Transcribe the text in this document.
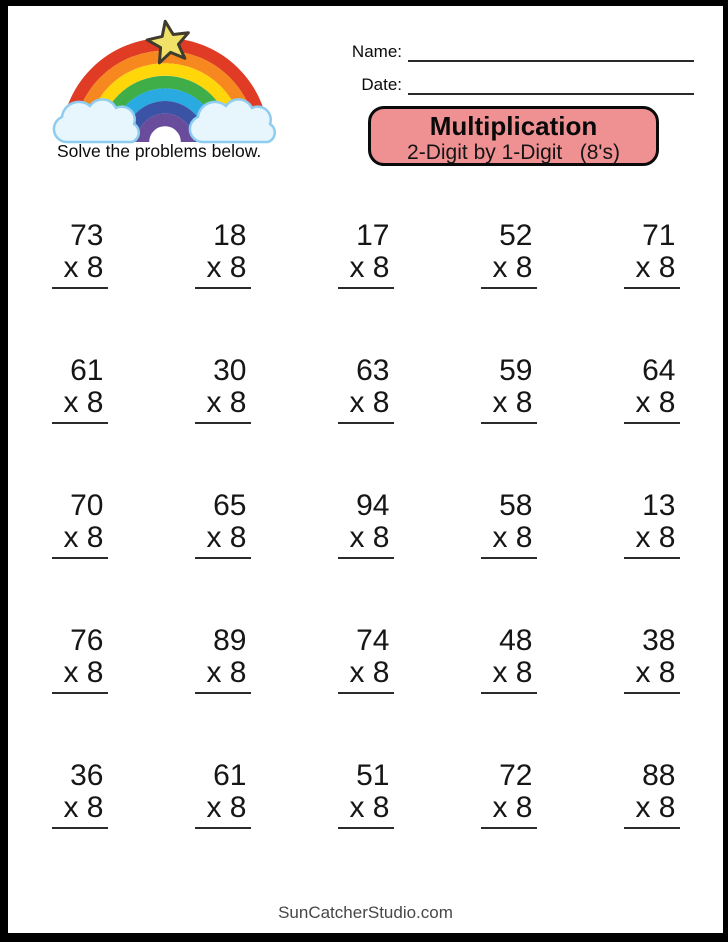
Solve the problems below.
Name:
Date:
Multiplication
2-Digit by 1-Digit   (8's)
73
x 8
18
x 8
17
x 8
52
x 8
71
x 8
61
x 8
30
x 8
63
x 8
59
x 8
64
x 8
70
x 8
65
x 8
94
x 8
58
x 8
13
x 8
76
x 8
89
x 8
74
x 8
48
x 8
38
x 8
36
x 8
61
x 8
51
x 8
72
x 8
88
x 8
SunCatcherStudio.com
